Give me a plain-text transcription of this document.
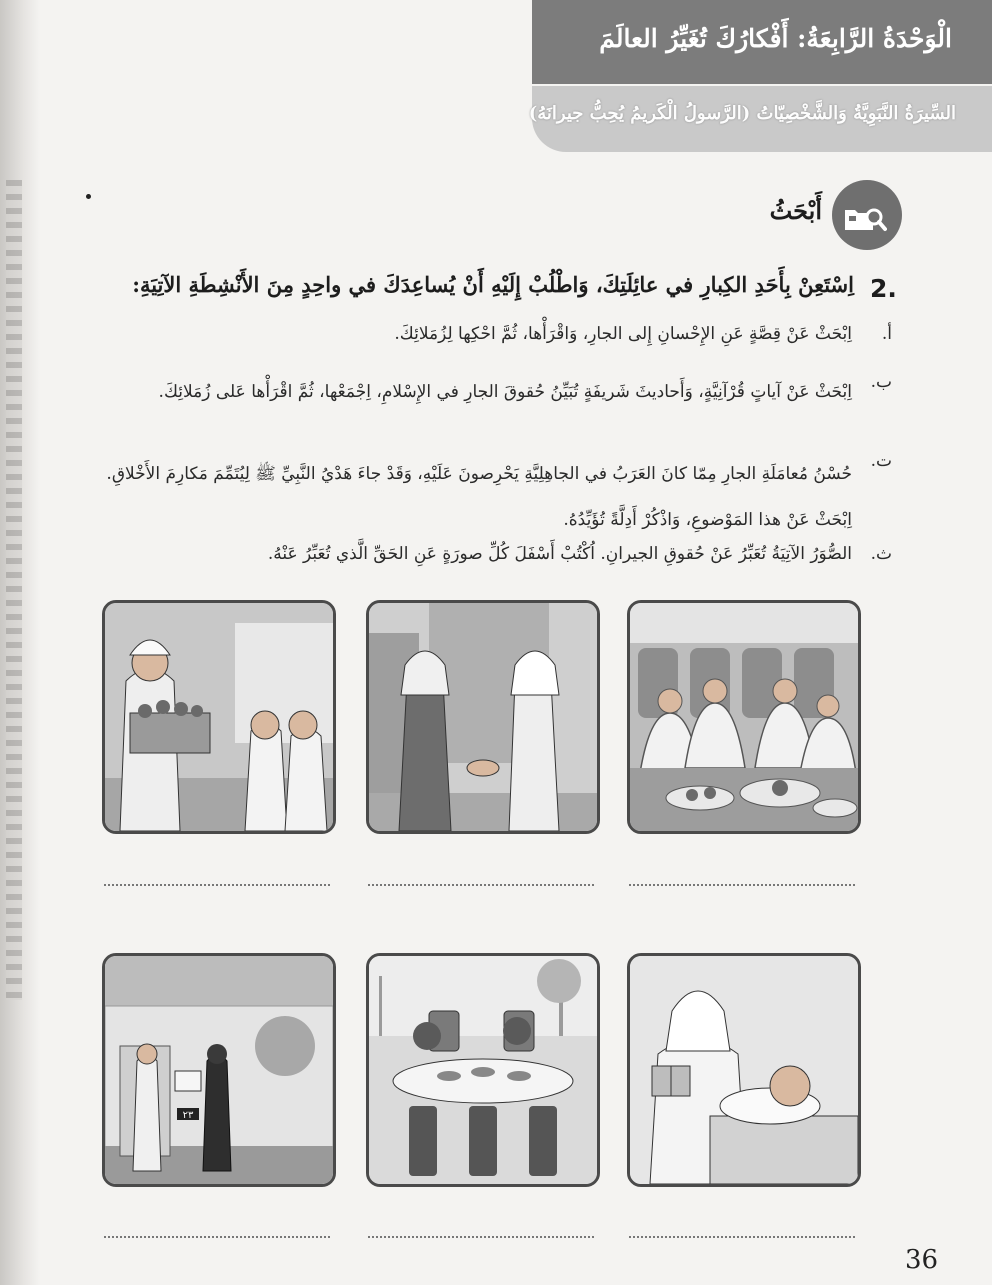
الْوَحْدَةُ الرَّابِعَةُ: أَفْكارُكَ تُغَيِّرُ العالَمَ
السِّيرَةُ النَّبَوِيَّةُ وَالشَّخْصِيّاتُ (الرَّسولُ الْكَريمُ يُحِبُّ جيرانَهُ)
أَبْحَثُ
2.
اِسْتَعِنْ بِأَحَدِ الكِبارِ في عائِلَتِكَ، وَاطْلُبْ إِلَيْهِ أَنْ يُساعِدَكَ في واحِدٍ مِنَ الأَنْشِطَةِ الآتِيَةِ:
أ.
اِبْحَثْ عَنْ قِصَّةٍ عَنِ الإِحْسانِ إِلى الجارِ، وَاقْرَأْها، ثُمَّ احْكِها لِزُمَلائِكَ.
ب.
اِبْحَثْ عَنْ آياتٍ قُرْآنِيَّةٍ، وَأَحاديثَ شَريفَةٍ تُبَيِّنُ حُقوقَ الجارِ في الإِسْلامِ، اِجْمَعْها، ثُمَّ اقْرَأْها عَلى زُمَلائِكَ.
ت.
حُسْنُ مُعامَلَةِ الجارِ مِمّا كانَ العَرَبُ في الجاهِلِيَّةِ يَحْرِصونَ عَلَيْهِ، وَقَدْ جاءَ هَدْيُ النَّبِيِّ ﷺ لِيُتَمِّمَ مَكارِمَ الأَخْلاقِ. اِبْحَثْ عَنْ هذا المَوْضوعِ، وَاذْكُرْ أَدِلَّةً تُؤَيِّدُهُ.
ث.
الصُّوَرُ الآتِيَةُ تُعَبِّرُ عَنْ حُقوقِ الجيرانِ. اُكْتُبْ أَسْفَلَ كُلِّ صورَةٍ عَنِ الحَقِّ الَّذي تُعَبِّرُ عَنْهُ.
٢٣
36
